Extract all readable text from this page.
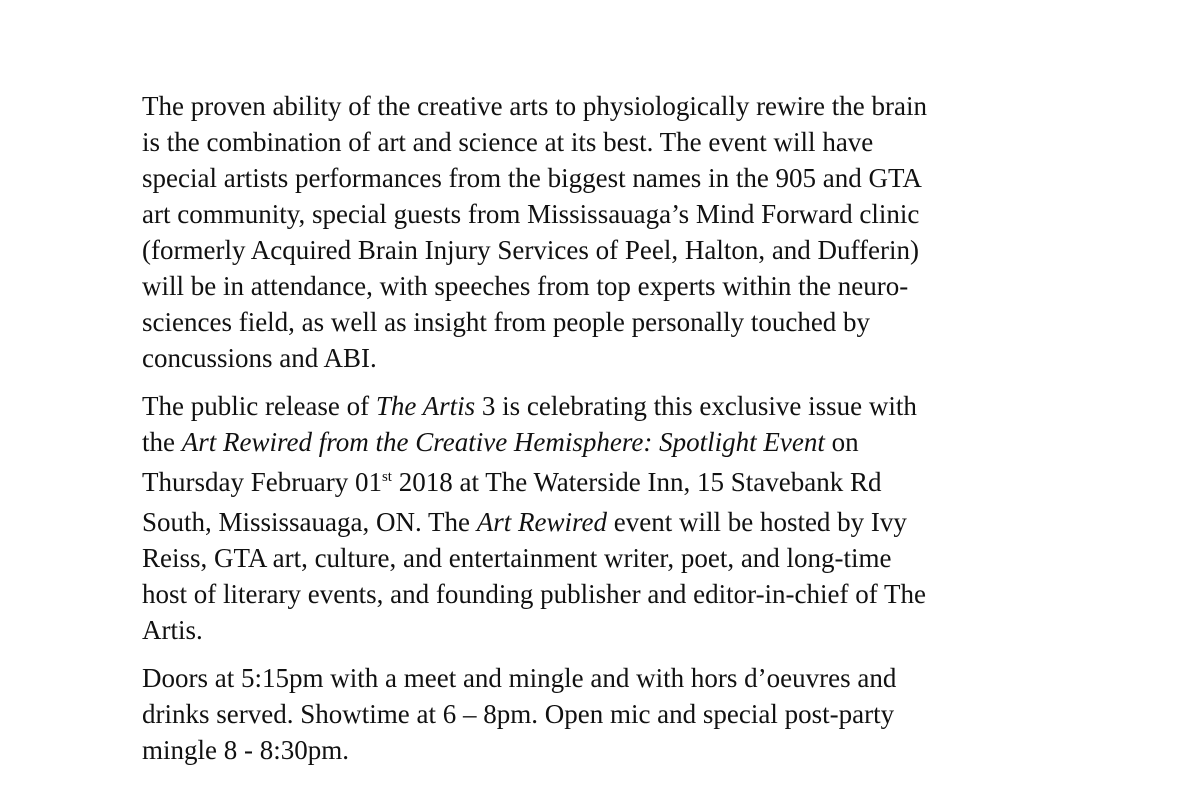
The proven ability of the creative arts to physiologically rewire the brain
is the combination of art and science at its best. The event will have
special artists performances from the biggest names in the 905 and GTA
art community, special guests from Mississauaga’s Mind Forward clinic
(formerly Acquired Brain Injury Services of Peel, Halton, and Dufferin)
will be in attendance, with speeches from top experts within the neuro-
sciences field, as well as insight from people personally touched by
concussions and ABI.

The public release of The Artis 3 is celebrating this exclusive issue with
the Art Rewired from the Creative Hemisphere: Spotlight Event on
Thursday February 01st 2018 at The Waterside Inn, 15 Stavebank Rd
South, Mississauaga, ON. The Art Rewired event will be hosted by Ivy
Reiss, GTA art, culture, and entertainment writer, poet, and long-time
host of literary events, and founding publisher and editor-in-chief of The
Artis.

Doors at 5:15pm with a meet and mingle and with hors d’oeuvres and
drinks served. Showtime at 6 – 8pm. Open mic and special post-party
mingle 8 - 8:30pm.
